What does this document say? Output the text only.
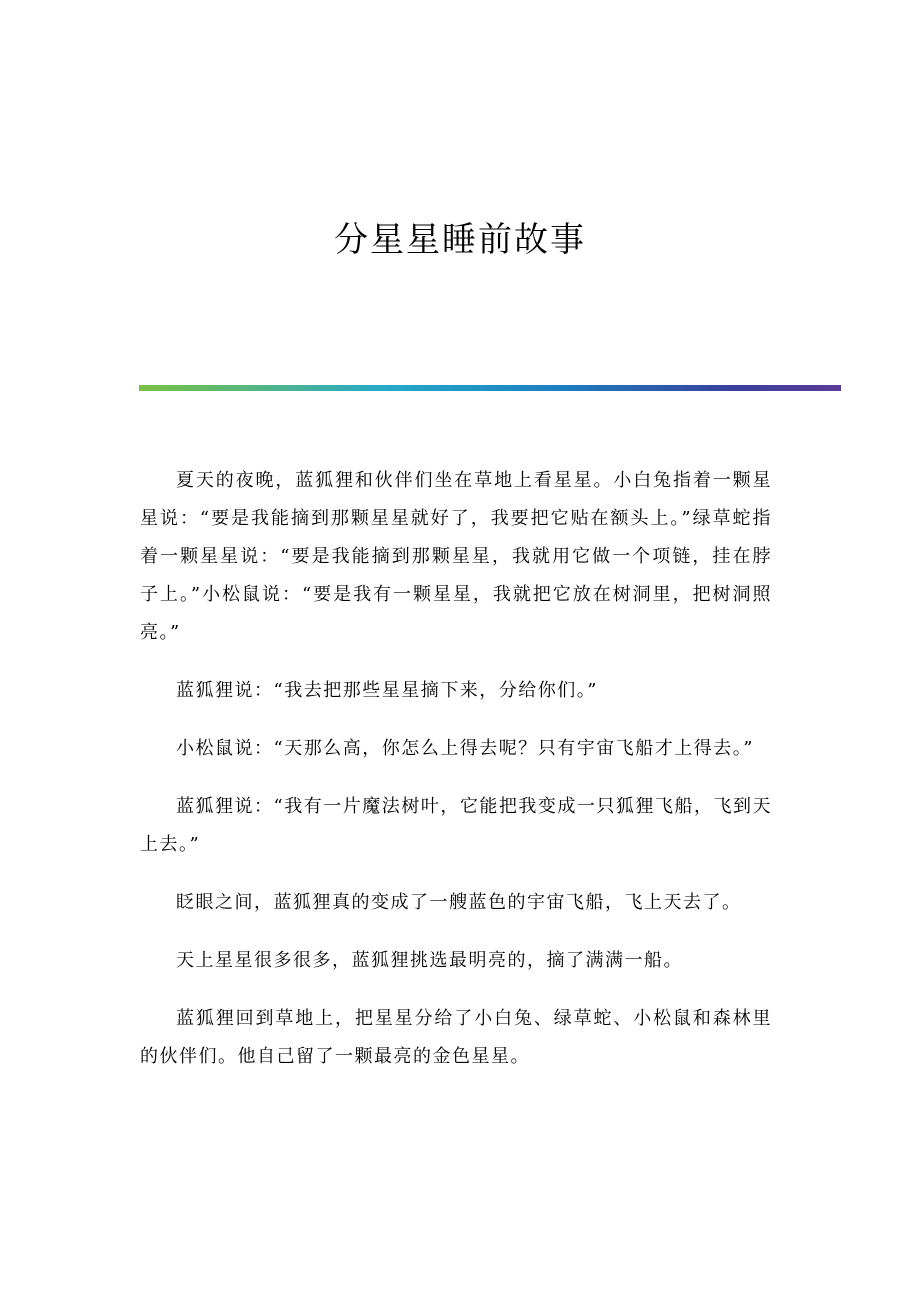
分星星睡前故事

夏天的夜晚，蓝狐狸和伙伴们坐在草地上看星星。小白兔指着一颗星星说：“要是我能摘到那颗星星就好了，我要把它贴在额头上。”绿草蛇指着一颗星星说：“要是我能摘到那颗星星，我就用它做一个项链，挂在脖子上。”小松鼠说：“要是我有一颗星星，我就把它放在树洞里，把树洞照亮。”

蓝狐狸说：“我去把那些星星摘下来，分给你们。”

小松鼠说：“天那么高，你怎么上得去呢？只有宇宙飞船才上得去。”

蓝狐狸说：“我有一片魔法树叶，它能把我变成一只狐狸飞船，飞到天上去。”

眨眼之间，蓝狐狸真的变成了一艘蓝色的宇宙飞船，飞上天去了。

天上星星很多很多，蓝狐狸挑选最明亮的，摘了满满一船。

蓝狐狸回到草地上，把星星分给了小白兔、绿草蛇、小松鼠和森林里的伙伴们。他自己留了一颗最亮的金色星星。
